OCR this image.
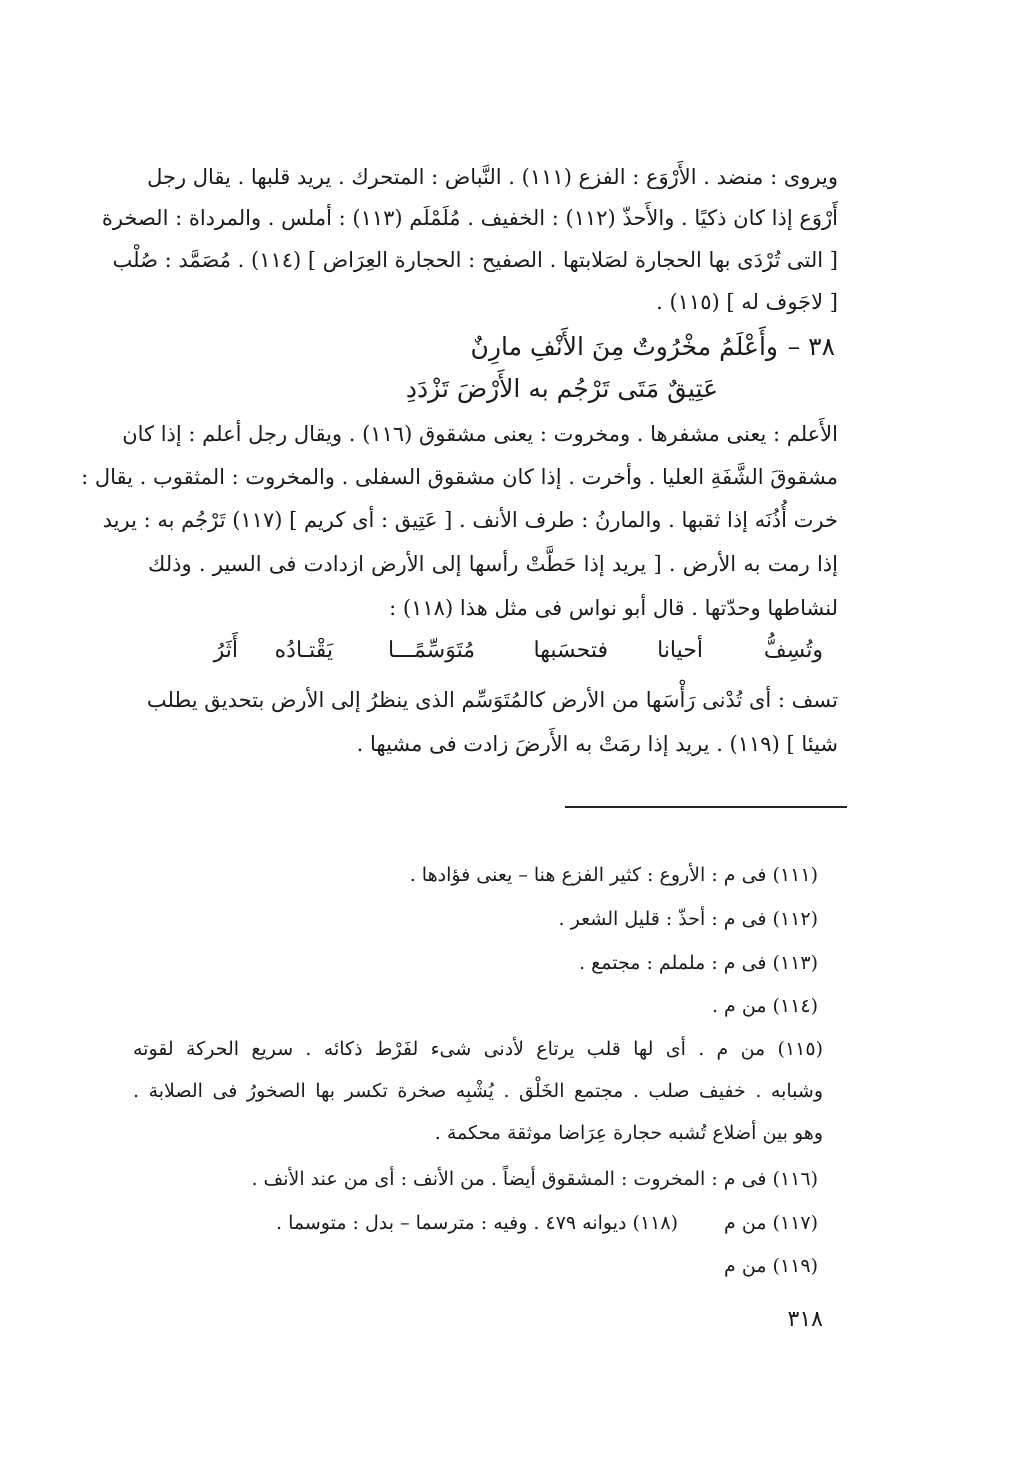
ويروى : منضد . الأَرْوَع : الفزع (١١١) . النَّباض : المتحرك . يريد قلبها . يقال رجل
أَرْوَع إذا كان ذكيًا . والأَحذّ (١١٢) : الخفيف . مُلَمْلَم (١١٣) : أملس . والمرداة : الصخرة
[ التى تُرْدَى بها الحجارة لصَلابتها . الصفيح : الحجارة العِرَاض ] (١١٤) . مُصَمَّد : صُلْب
[ لاجَوف له ] (١١٥) .
٣٨ –
وأَعْلَمُ مخْرُوتٌ مِنَ الأَنْفِ مارِنٌ
عَتِيقٌ مَتَى تَرْجُم به الأَرْضَ تَزْدَدِ
الأَعلم : يعنى مشفرها . ومخروت : يعنى مشقوق (١١٦) . ويقال رجل أعلم : إذا كان
مشقوقَ الشَّفَةِ العليا . وأخرت . إذا كان مشقوق السفلى . والمخروت : المثقوب . يقال :
خرت أُذُنَه إذا ثقبها . والمارنُ : طرف الأنف . [ عَتِيق : أى كريم ] (١١٧) تَرْجُم به : يريد
إذا رمت به الأرض . [ يريد إذا حَطَّتْ رأسها إلى الأرض ازدادت فى السير . وذلك
لنشاطها وحدّتها . قال أبو نواس فى مثل هذا (١١٨) :
وتُسِفُّ
أحيانا
فتحسَبها
مُتَوَسِّمًـــا
يَقْتـادُه
أَثَرُ
تسف : أى تُدْنى رَأْسَها من الأرض كالمُتَوَسِّم الذى ينظرُ إلى الأرض بتحديق يطلب
شيئا ] (١١٩) . يريد إذا رمَتْ به الأَرضَ زادت فى مشيها .
(١١١) فى م : الأروع : كثير الفزع هنا – يعنى فؤادها .
(١١٢) فى م : أحذّ : قليل الشعر .
(١١٣) فى م : ململم : مجتمع .
(١١٤) من م .
(١١٥) من م . أى لها قلب يرتاع لأدنى شىء لفَرْط ذكائه . سريع الحركة لقوته
وشبابه . خفيف صلب . مجتمع الخَلْق . يُشْبِه صخرة تكسر بها الصخورُ فى الصلابة .
وهو بين أضلاع تُشبه حجارة عِرَاضا موثقة محكمة .
(١١٦) فى م : المخروت : المشقوق أيضاً . من الأنف : أى من عند الأنف .
(١١٧) من م
(١١٨) ديوانه ٤٧٩ . وفيه : مترسما – بدل : متوسما .
(١١٩) من م
٣١٨
